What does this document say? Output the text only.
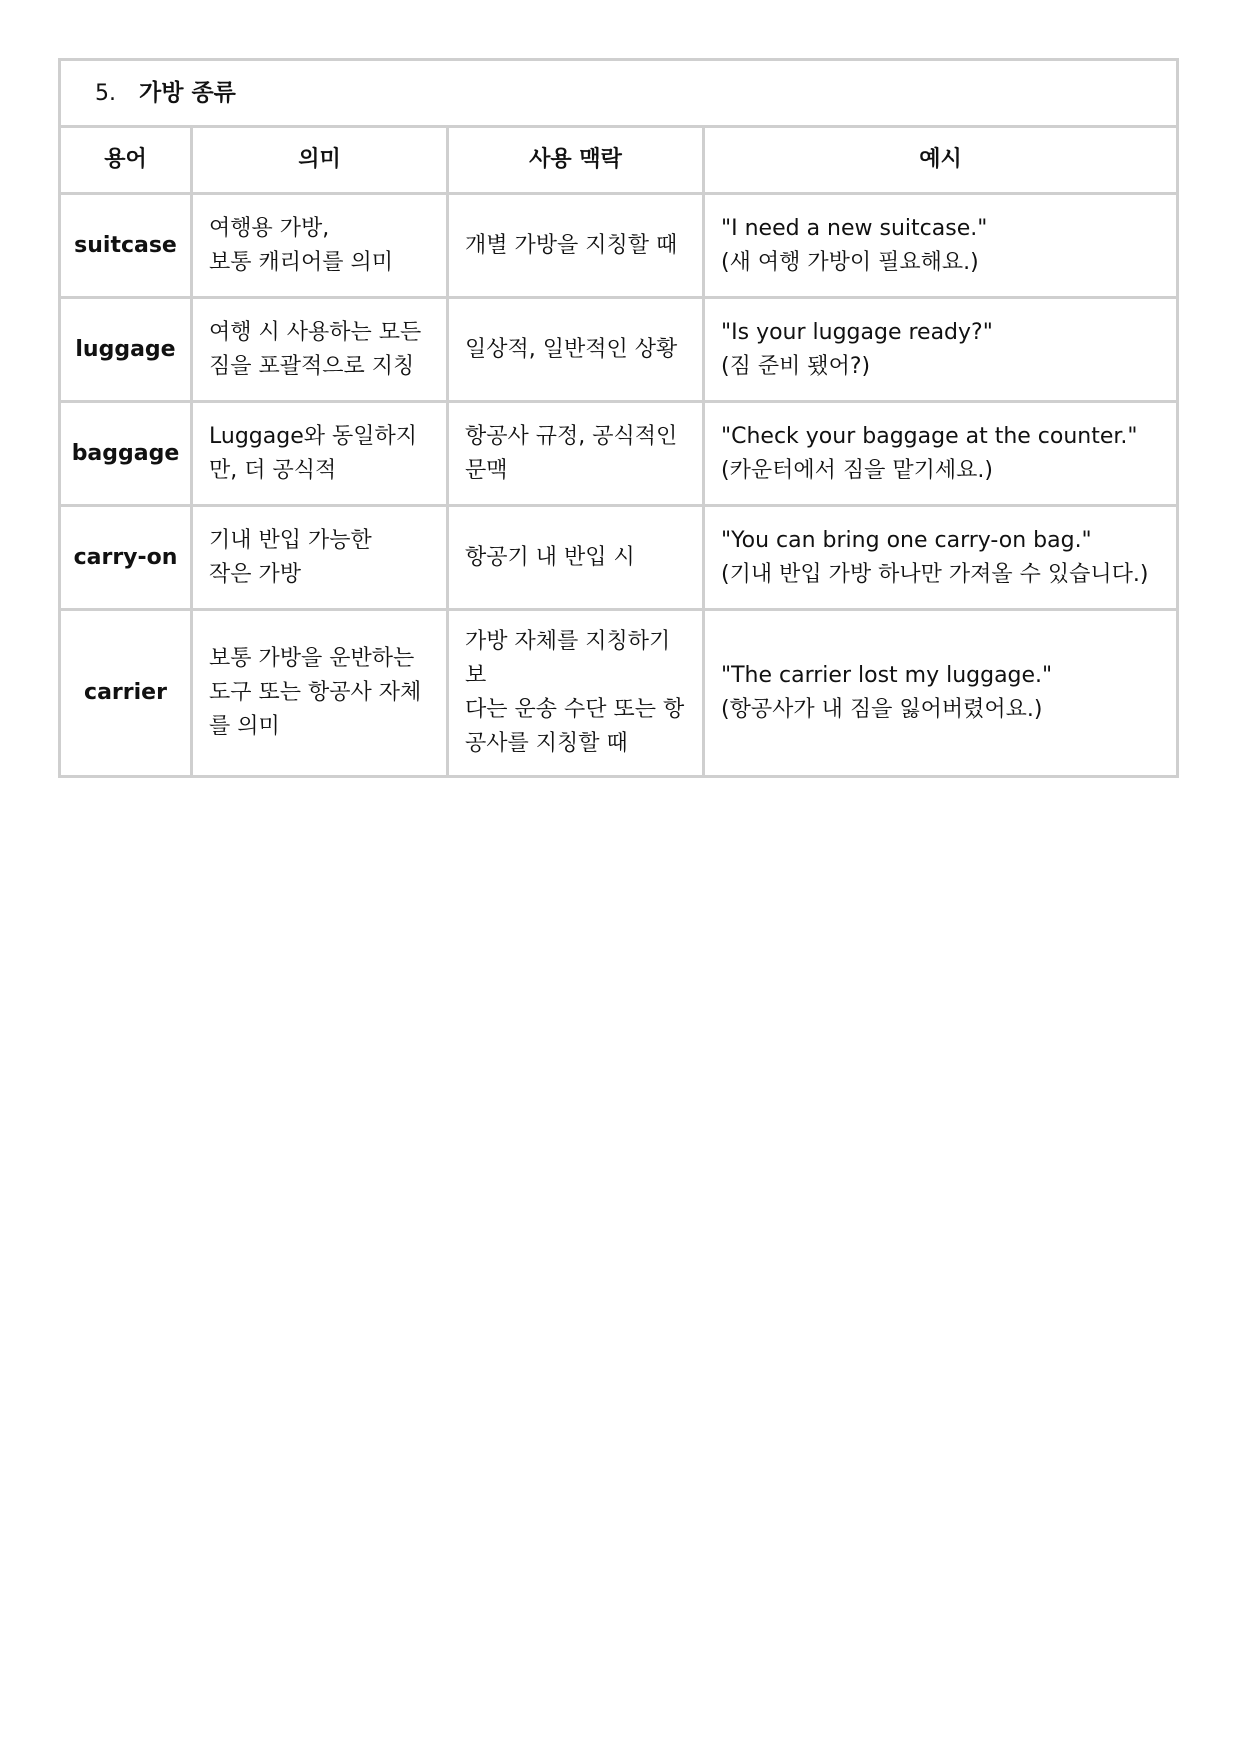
5. 가방 종류			
용어	의미	사용 맥락	예시
suitcase	여행용 가방,
보통 캐리어를 의미	개별 가방을 지칭할 때	"I need a new suitcase."
(새 여행 가방이 필요해요.)

luggage	여행 시 사용하는 모든
짐을 포괄적으로 지칭	일상적, 일반적인 상황	"Is your luggage ready?"
(짐 준비 됐어?)

baggage	Luggage와 동일하지
만, 더 공식적	항공사 규정, 공식적인
문맥	"Check your baggage at the counter."
(카운터에서 짐을 맡기세요.)

carry-on	기내 반입 가능한
작은 가방	항공기 내 반입 시	"You can bring one carry-on bag."
(기내 반입 가방 하나만 가져올 수 있습니다.)

carrier	보통 가방을 운반하는
도구 또는 항공사 자체
를 의미	가방 자체를 지칭하기보
다는 운송 수단 또는 항
공사를 지칭할 때	"The carrier lost my luggage."
(항공사가 내 짐을 잃어버렸어요.)
